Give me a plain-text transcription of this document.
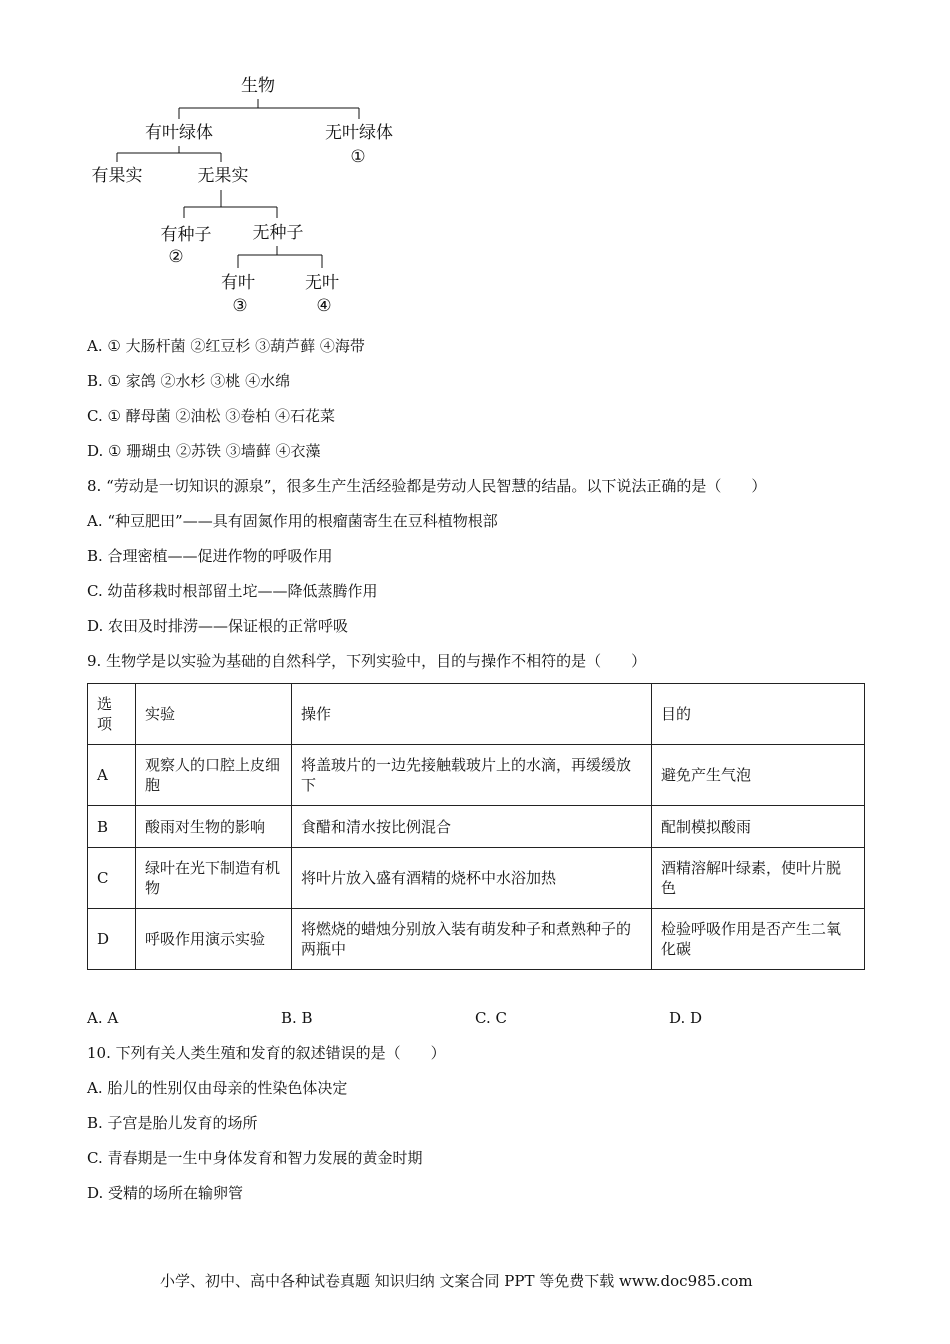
生物
有叶绿体	无叶绿体
①
有果实	无果实
有种子
②
无种子
有叶
③
无叶
④
A. ① 大肠杆菌 ②红豆杉 ③葫芦藓 ④海带
B. ① 家鸽 ②水杉 ③桃 ④水绵
C. ① 酵母菌 ②油松 ③卷柏 ④石花菜
D. ① 珊瑚虫 ②苏铁 ③墙藓 ④衣藻
8. “劳动是一切知识的源泉”，很多生产生活经验都是劳动人民智慧的结晶。以下说法正确的是（　　）
A. “种豆肥田”——具有固氮作用的根瘤菌寄生在豆科植物根部
B. 合理密植——促进作物的呼吸作用
C. 幼苗移栽时根部留土坨——降低蒸腾作用
D. 农田及时排涝——保证根的正常呼吸
9. 生物学是以实验为基础的自然科学，下列实验中，目的与操作不相符的是（　　）
选项	实验	操作	目的
A	观察人的口腔上皮细胞	将盖玻片的一边先接触载玻片上的水滴，再缓缓放下	避免产生气泡
B	酸雨对生物的影响	食醋和清水按比例混合	配制模拟酸雨
C	绿叶在光下制造有机物	将叶片放入盛有酒精的烧杯中水浴加热	酒精溶解叶绿素，使叶片脱色
D	呼吸作用演示实验	将燃烧的蜡烛分别放入装有萌发种子和煮熟种子的两瓶中	检验呼吸作用是否产生二氧化碳
A. A	B. B	C. C	D. D
10. 下列有关人类生殖和发育的叙述错误的是（　　）
A. 胎儿的性别仅由母亲的性染色体决定
B. 子宫是胎儿发育的场所
C. 青春期是一生中身体发育和智力发展的黄金时期
D. 受精的场所在输卵管
小学、初中、高中各种试卷真题 知识归纳 文案合同 PPT 等免费下载 www.doc985.com
